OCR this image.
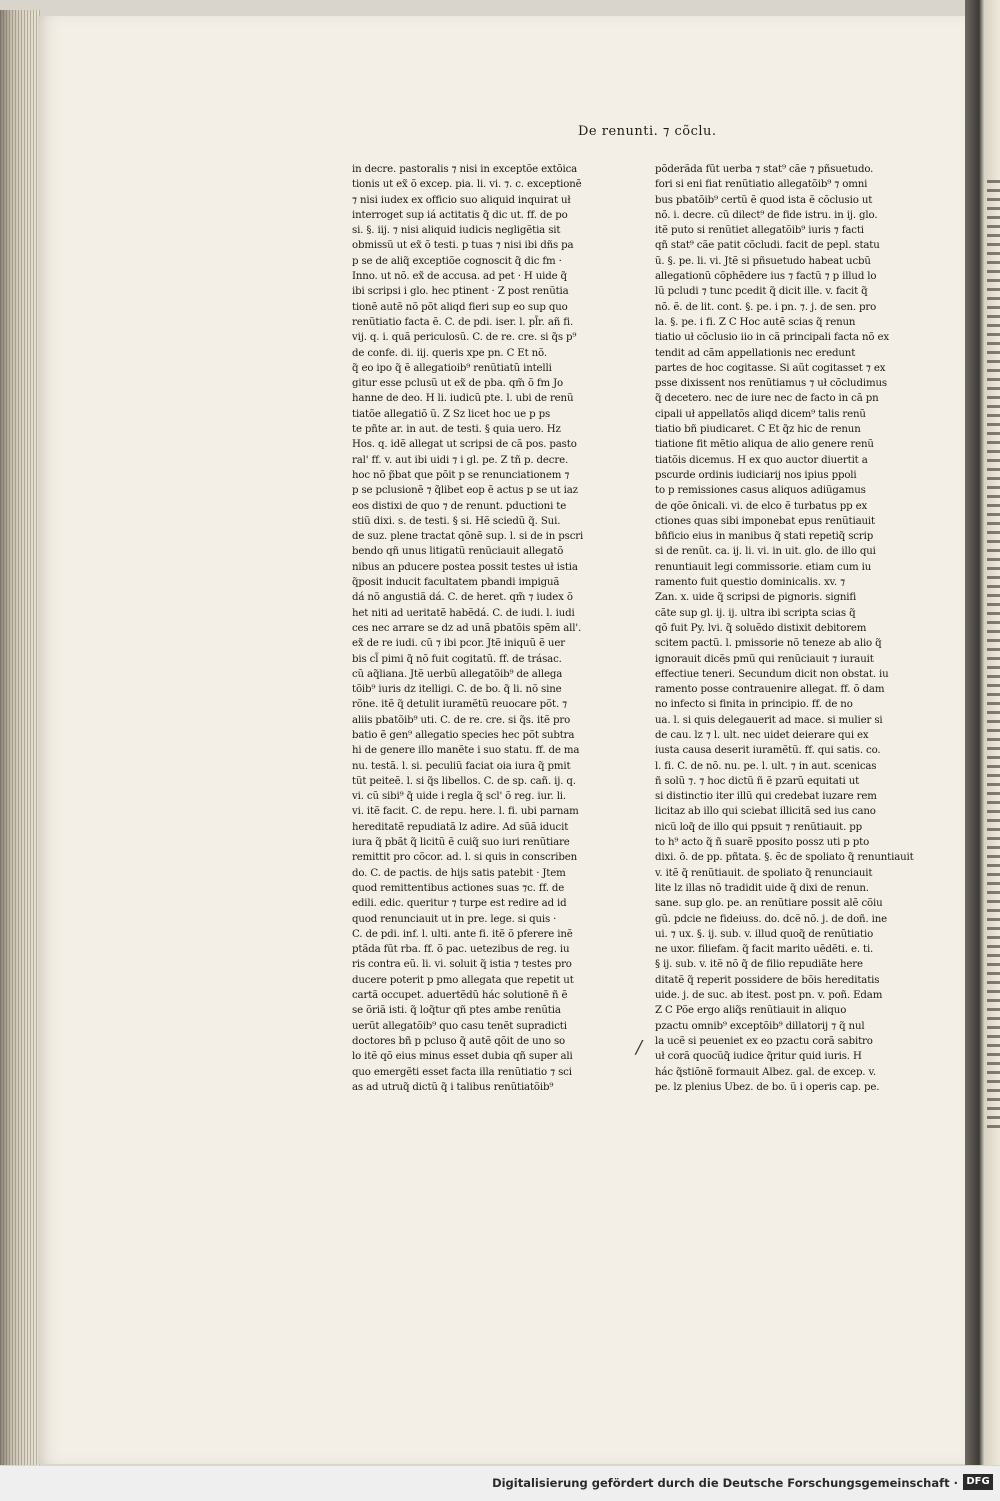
De renunti. ⁊ cõclu.
in decre. pastoralis ⁊ nisi in exceptõe extõica
tionis ut ex̃ õ excep. pia. li. vi. ⁊. c. exceptionẽ
⁊ nisi iudex ex officio suo aliquid inquirat uł
interroget sup iá actitatis q̃ dic ut. ff. de po
si. §. iij. ⁊ nisi aliquid iudicis negligẽtia sit
obmissũ ut ex̃ õ testi. p tuas ⁊ nisi ibi dñs pa
p se de aliq̃ exceptiõe cognoscit q̃ dic fm ·
Inno. ut nõ. ex̃ de accusa. ad pet · H uide q̃
ibi scripsi i glo. hec ptinent · Z post renũtia
tionẽ autẽ nõ põt aliqd fieri sup eo sup quo
renũtiatio facta ẽ. C. de pdi. iser. l. pl̃r. añ fi.
vij. q. i. quã periculosũ. C. de re. cre. si q̃s p⁹
de confe. di. iij. queris xpe pn. C Et nõ.
q̃ eo ipo q̃ ẽ allegatioib⁹ renũtiatũ intelli
gitur esse pclusũ ut ex̃ de pba. qm̃ õ fm Jo
hanne de deo. H li. iudicũ pte. l. ubi de renũ
tiatõe allegatiõ ũ. Z Sz licet hoc ue p ps
te pñte ar. in aut. de testi. § quia uero. Hz
Hos. q. idẽ allegat ut scripsi de cã pos. pasto
ral' ff. v. aut ibi uidi ⁊ i gl. pe. Z tñ p. decre.
hoc nõ p̃bat que põit p se renunciationem ⁊
p se pclusionẽ ⁊ q̃libet eop ẽ actus p se ut iaz
eos distixi de quo ⁊ de renunt. pductioni te
stiũ dixi. s. de testi. § si. Hẽ sciedũ q̃. Sui.
de suz. plene tractat qõnẽ sup. l. si de in pscri
bendo qñ unus litigatũ renũciauit allegatõ
nibus an pducere postea possit testes uł istia
q̃posit inducit facultatem pbandi impiguã
dá nõ angustiã dá. C. de heret. qm̃ ⁊ iudex õ
het niti ad ueritatẽ habẽdá. C. de iudi. l. iudi
ces nec arrare se dz ad unã pbatõis spẽm all'.
ex̃ de re iudi. cũ ⁊ ibi pcor. Jtẽ iniquũ ẽ uer
bis cl̃ pimi q̃ nõ fuit cogitatũ. ff. de trásac.
cũ aq̃liana. Jtẽ uerbũ allegatõib⁹ de allega
tõib⁹ iuris dz itelligi. C. de bo. q̃ li. nõ sine
rõne. itẽ q̃ detulit iuramẽtũ reuocare põt. ⁊
aliis pbatõib⁹ uti. C. de re. cre. si q̃s. itẽ pro
batio ẽ gen⁹ allegatio species hec põt subtra
hi de genere illo manẽte i suo statu. ff. de ma
nu. testã. l. si. peculiũ faciat oia iura q̃ pmit
tũt peiteẽ. l. si q̃s libellos. C. de sp. cañ. ij. q.
vi. cũ sibi⁹ q̃ uide i regla q̃ scl' õ reg. iur. li.
vi. itẽ facit. C. de repu. here. l. fi. ubi parnam
hereditatẽ repudiatã lz adire. Ad sũã iducit
iura q̃ pbãt q̃ licitũ ẽ cuiq̃ suo iuri renũtiare
remittit pro cõcor. ad. l. si quis in conscriben
do. C. de pactis. de hijs satis patebit · Jtem
quod remittentibus actiones suas ⁊c. ff. de
edili. edic. queritur ⁊ turpe est redire ad id
quod renunciauit ut in pre. lege. si quis ·
C. de pdi. inf. l. ulti. ante fi. itẽ õ pferere inẽ
ptãda fũt rba. ff. õ pac. uetezibus de reg. iu
ris contra eũ. li. vi. soluit q̃ istia ⁊ testes pro
ducere poterit p pmo allegata que repetit ut
cartã occupet. aduertẽdũ hác solutionẽ ñ ẽ
se õriã isti. q̃ loq̃tur qñ ptes ambe renũtia
uerũt allegatõib⁹ quo casu tenẽt supradicti
doctores bñ p pcluso q̃ autẽ qõit de uno so
lo itẽ qõ eius minus esset dubia qñ super ali
quo emergẽti esset facta illa renũtiatio ⁊ sci
as ad utruq̃ dictũ q̃ i talibus renũtiatõib⁹
põderãda fũt uerba ⁊ stat⁹ cãe ⁊ pñsuetudo.
fori si eni fiat renũtiatio allegatõib⁹ ⁊ omni
bus pbatõib⁹ certũ ẽ quod ista ẽ cõclusio ut
nõ. i. decre. cũ dilect⁹ de fide istru. in ij. glo.
itẽ puto si renũtiet allegatõib⁹ iuris ⁊ facti
qñ stat⁹ cãe patit cõcludi. facit de pepl. statu
ũ. §. pe. li. vi. Jtẽ si pñsuetudo habeat ucbũ
allegationũ cõphẽdere ius ⁊ factũ ⁊ p illud lo
lũ pcludi ⁊ tunc pcedit q̃ dicit ille. v. facit q̃
nõ. ẽ. de lit. cont. §. pe. i pn. ⁊. j. de sen. pro
la. §. pe. i fi. Z C Hoc autẽ scias q̃ renun
tiatio uł cõclusio iio in cã principali facta nõ ex
tendit ad cãm appellationis nec eredunt
partes de hoc cogitasse. Si aũt cogitasset ⁊ ex
psse dixissent nos renũtiamus ⁊ uł cõcludimus
q̃ decetero. nec de iure nec de facto in cã pn
cipali uł appellatõs aliqd dicem⁹ talis renũ
tiatio bñ piudicaret. C Et q̃z hic de renun
tiatione fit mẽtio aliqua de alio genere renũ
tiatõis dicemus. H ex quo auctor diuertit a
pscurde ordinis iudiciarij nos ipius ppoli
to p remissiones casus aliquos adiũgamus
de qõe õnicali. vi. de elco ẽ turbatus pp ex
ctiones quas sibi imponebat epus renũtiauit
bñficio eius in manibus q̃ stati repetiq̃ scrip
si de renũt. ca. ij. li. vi. in uit. glo. de illo qui
renuntiauit legi commissorie. etiam cum iu
ramento fuit questio dominicalis. xv. ⁊
Zan. x. uide q̃ scripsi de pignoris. signifi
cãte sup gl. ij. ij. ultra ibi scripta scias q̃
qõ fuit Py. lvi. q̃ soluẽdo distixit debitorem
scitem pactũ. l. pmissorie nõ teneze ab alio q̃
ignorauit dicẽs pmũ qui renũciauit ⁊ iurauit
effectiue teneri. Secundum dicit non obstat. iu
ramento posse contrauenire allegat. ff. õ dam
no infecto si finita in principio. ff. de no
ua. l. si quis delegauerit ad mace. si mulier si
de cau. lz ⁊ l. ult. nec uidet deierare qui ex
iusta causa deserit iuramẽtũ. ff. qui satis. co.
l. fi. C. de nõ. nu. pe. l. ult. ⁊ in aut. scenicas
ñ solũ ⁊. ⁊ hoc dictũ ñ ẽ pzarũ equitati ut
si distinctio iter illũ qui credebat iuzare rem
licitaz ab illo qui sciebat illicitã sed ius cano
nicũ loq̃ de illo qui ppsuit ⁊ renũtiauit. pp
to h⁹ acto q̃ ñ suarẽ pposito possz uti p pto
dixi. õ. de pp. pñtata. §. ẽc de spoliato q̃ renuntiauit
v. itẽ q̃ renũtiauit. de spoliato q̃ renunciauit
lite lz illas nõ tradidit uide q̃ dixi de renun.
sane. sup glo. pe. an renũtiare possit alẽ cõiu
gũ. pdcie ne fideiuss. do. dcẽ nõ. j. de doñ. ine
ui. ⁊ ux. §. ij. sub. v. illud quoq̃ de renũtiatio
ne uxor. filiefam. q̃ facit marito uẽdẽti. e. ti.
§ ij. sub. v. itẽ nõ q̃ de filio repudiãte here
ditatẽ q̃ reperit possidere de bõis hereditatis
uide. j. de suc. ab itest. post pn. v. poñ. Edam
Z C Põe ergo aliq̃s renũtiauit in aliquo
pzactu omnib⁹ exceptõib⁹ dillatorij ⁊ q̃ nul
la ucẽ si peueniet ex eo pzactu corã sabitro
uł corã quocũq̃ iudice q̃ritur quid iuris. H
hác q̃stiõnẽ formauit Albez. gal. de excep. v.
pe. lz plenius Ubez. de bo. ũ i operis cap. pe.
/
Digitalisierung gefördert durch die Deutsche Forschungsgemeinschaft · DFG
